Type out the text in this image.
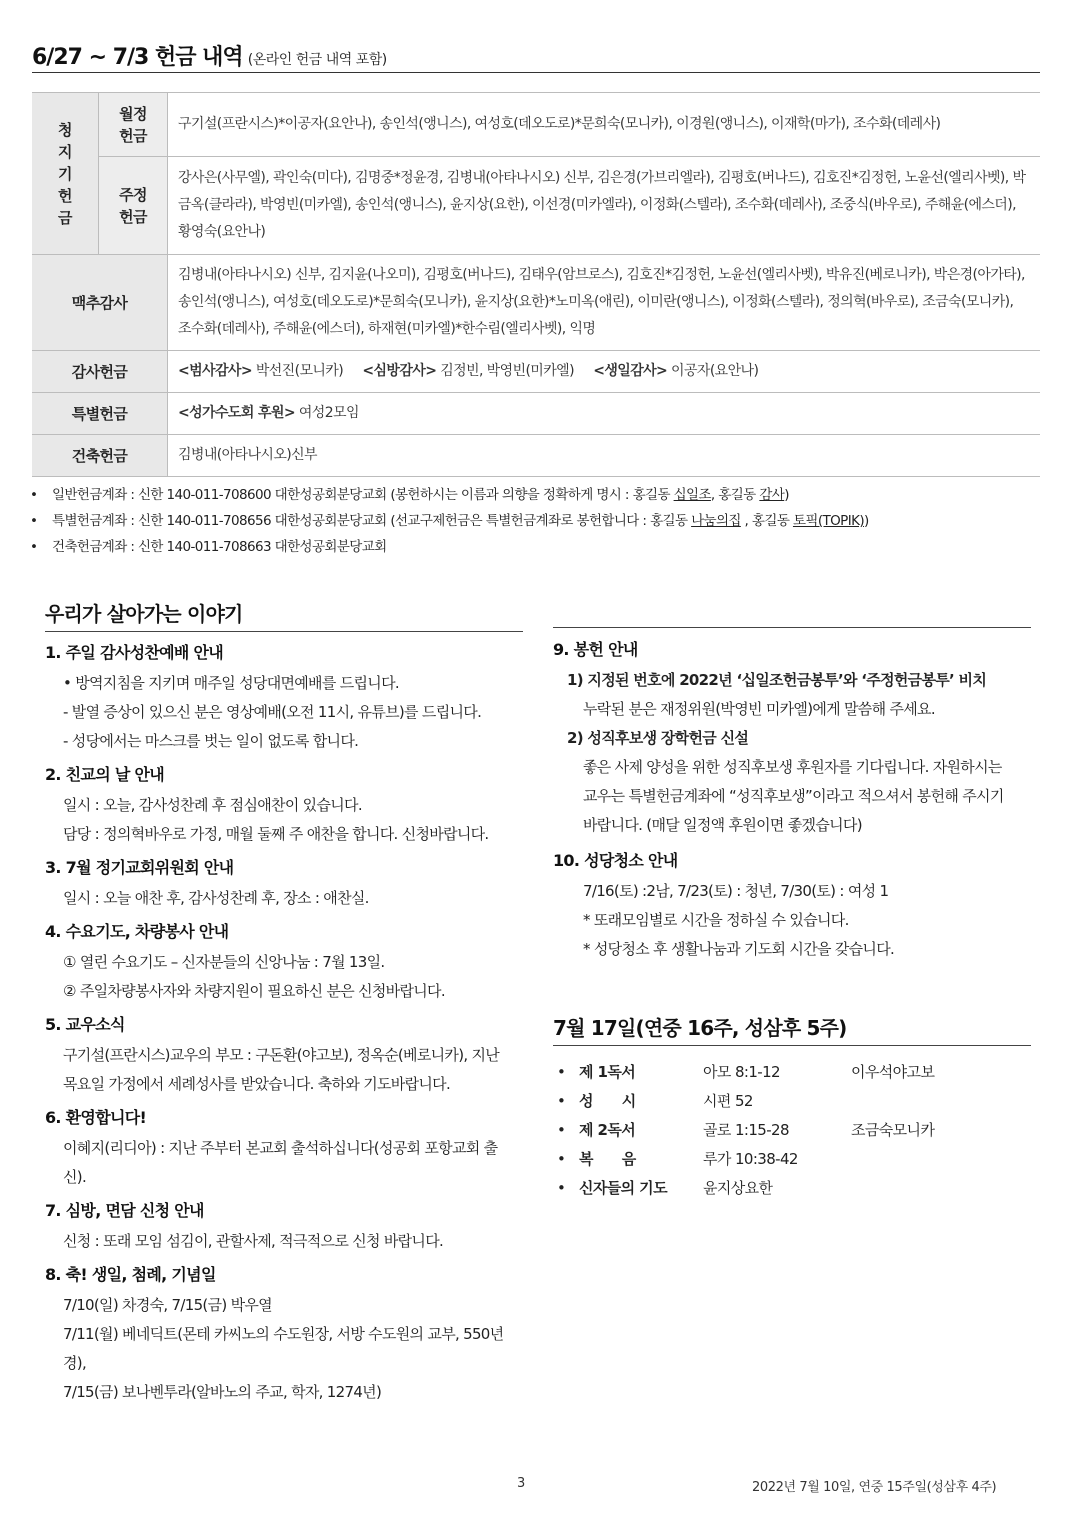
6/27 ~ 7/3 헌금 내역 (온라인 헌금 내역 포함)
청
지
기
헌
금	월정
헌금	구기설(프란시스)*이공자(요안나), 송인석(앵니스), 여성호(데오도로)*문희숙(모니카), 이경원(앵니스), 이재학(마가), 조수화(데레사)
	주정
헌금	강사은(사무엘), 곽인숙(미다), 김명중*정윤경, 김병내(아타나시오) 신부, 김은경(가브리엘라), 김평호(버나드), 김호진*김정헌, 노윤선(엘리사벳), 박금옥(클라라), 박영빈(미카엘), 송인석(앵니스), 윤지상(요한), 이선경(미카엘라), 이정화(스텔라), 조수화(데레사), 조중식(바우로), 주해윤(에스더), 황영숙(요안나)
맥추감사		김병내(아타나시오) 신부, 김지윤(나오미), 김평호(버나드), 김태우(암브로스), 김호진*김정헌, 노윤선(엘리사벳), 박유진(베로니카), 박은경(아가타), 송인석(앵니스), 여성호(데오도로)*문희숙(모니카), 윤지상(요한)*노미옥(애린), 이미란(앵니스), 이정화(스텔라), 정의혁(바우로), 조금숙(모니카), 조수화(데레사), 주해윤(에스더), 하재현(미카엘)*한수림(엘리사벳), 익명
감사헌금		<범사감사> 박선진(모니카) <심방감사> 김정빈, 박영빈(미카엘) <생일감사> 이공자(요안나)
특별헌금		<성가수도회 후원> 여성2모임
건축헌금		김병내(아타나시오)신부
• 일반헌금계좌 : 신한 140-011-708600 대한성공회분당교회 (봉헌하시는 이름과 의향을 정확하게 명시 : 홍길동 십일조, 홍길동 감사)
• 특별헌금계좌 : 신한 140-011-708656 대한성공회분당교회 (선교구제헌금은 특별헌금계좌로 봉헌합니다 : 홍길동 나눔의집 , 홍길동 토픽(TOPIK))
• 건축헌금계좌 : 신한 140-011-708663 대한성공회분당교회
우리가 살아가는 이야기
1. 주일 감사성찬예배 안내
• 방역지침을 지키며 매주일 성당대면예배를 드립니다.
- 발열 증상이 있으신 분은 영상예배(오전 11시, 유튜브)를 드립니다.
- 성당에서는 마스크를 벗는 일이 없도록 합니다.
2. 친교의 날 안내
일시 : 오늘, 감사성찬례 후 점심애찬이 있습니다.
담당 : 정의혁바우로 가정, 매월 둘째 주 애찬을 합니다. 신청바랍니다.
3. 7월 정기교회위원회 안내
일시 : 오늘 애찬 후, 감사성찬례 후, 장소 : 애찬실.
4. 수요기도, 차량봉사 안내
① 열린 수요기도 – 신자분들의 신앙나눔 : 7월 13일.
② 주일차량봉사자와 차량지원이 필요하신 분은 신청바랍니다.
5. 교우소식
구기설(프란시스)교우의 부모 : 구돈환(야고보), 정옥순(베로니카), 지난
목요일 가정에서 세례성사를 받았습니다. 축하와 기도바랍니다.
6. 환영합니다!
이혜지(리디아) : 지난 주부터 본교회 출석하십니다(성공회 포항교회 출
신).
7. 심방, 면담 신청 안내
신청 : 또래 모임 섬김이, 관할사제, 적극적으로 신청 바랍니다.
8. 축! 생일, 첨례, 기념일
7/10(일) 차경숙, 7/15(금) 박우열
7/11(월) 베네딕트(몬테 카씨노의 수도원장, 서방 수도원의 교부, 550년
경),
7/15(금) 보나벤투라(알바노의 주교, 학자, 1274년)
9. 봉헌 안내
1) 지정된 번호에 2022년 ‘십일조헌금봉투’와 ‘주정헌금봉투’ 비치
누락된 분은 재정위원(박영빈 미카엘)에게 말씀해 주세요.
2) 성직후보생 장학헌금 신설
좋은 사제 양성을 위한 성직후보생 후원자를 기다립니다. 자원하시는
교우는 특별헌금계좌에 “성직후보생”이라고 적으셔서 봉헌해 주시기
바랍니다. (매달 일정액 후원이면 좋겠습니다)
10. 성당청소 안내
7/16(토) :2남, 7/23(토) : 청년, 7/30(토) : 여성 1
* 또래모임별로 시간을 정하실 수 있습니다.
* 성당청소 후 생활나눔과 기도회 시간을 갖습니다.
7월 17일(연중 16주, 성삼후 5주)
• 제 1독서	아모 8:1-12	이우석야고보
• 성　　시	시편 52
• 제 2독서	골로 1:15-28	조금숙모니카
• 복　　음	루가 10:38-42
• 신자들의 기도 윤지상요한
3	2022년 7월 10일, 연중 15주일(성삼후 4주)
